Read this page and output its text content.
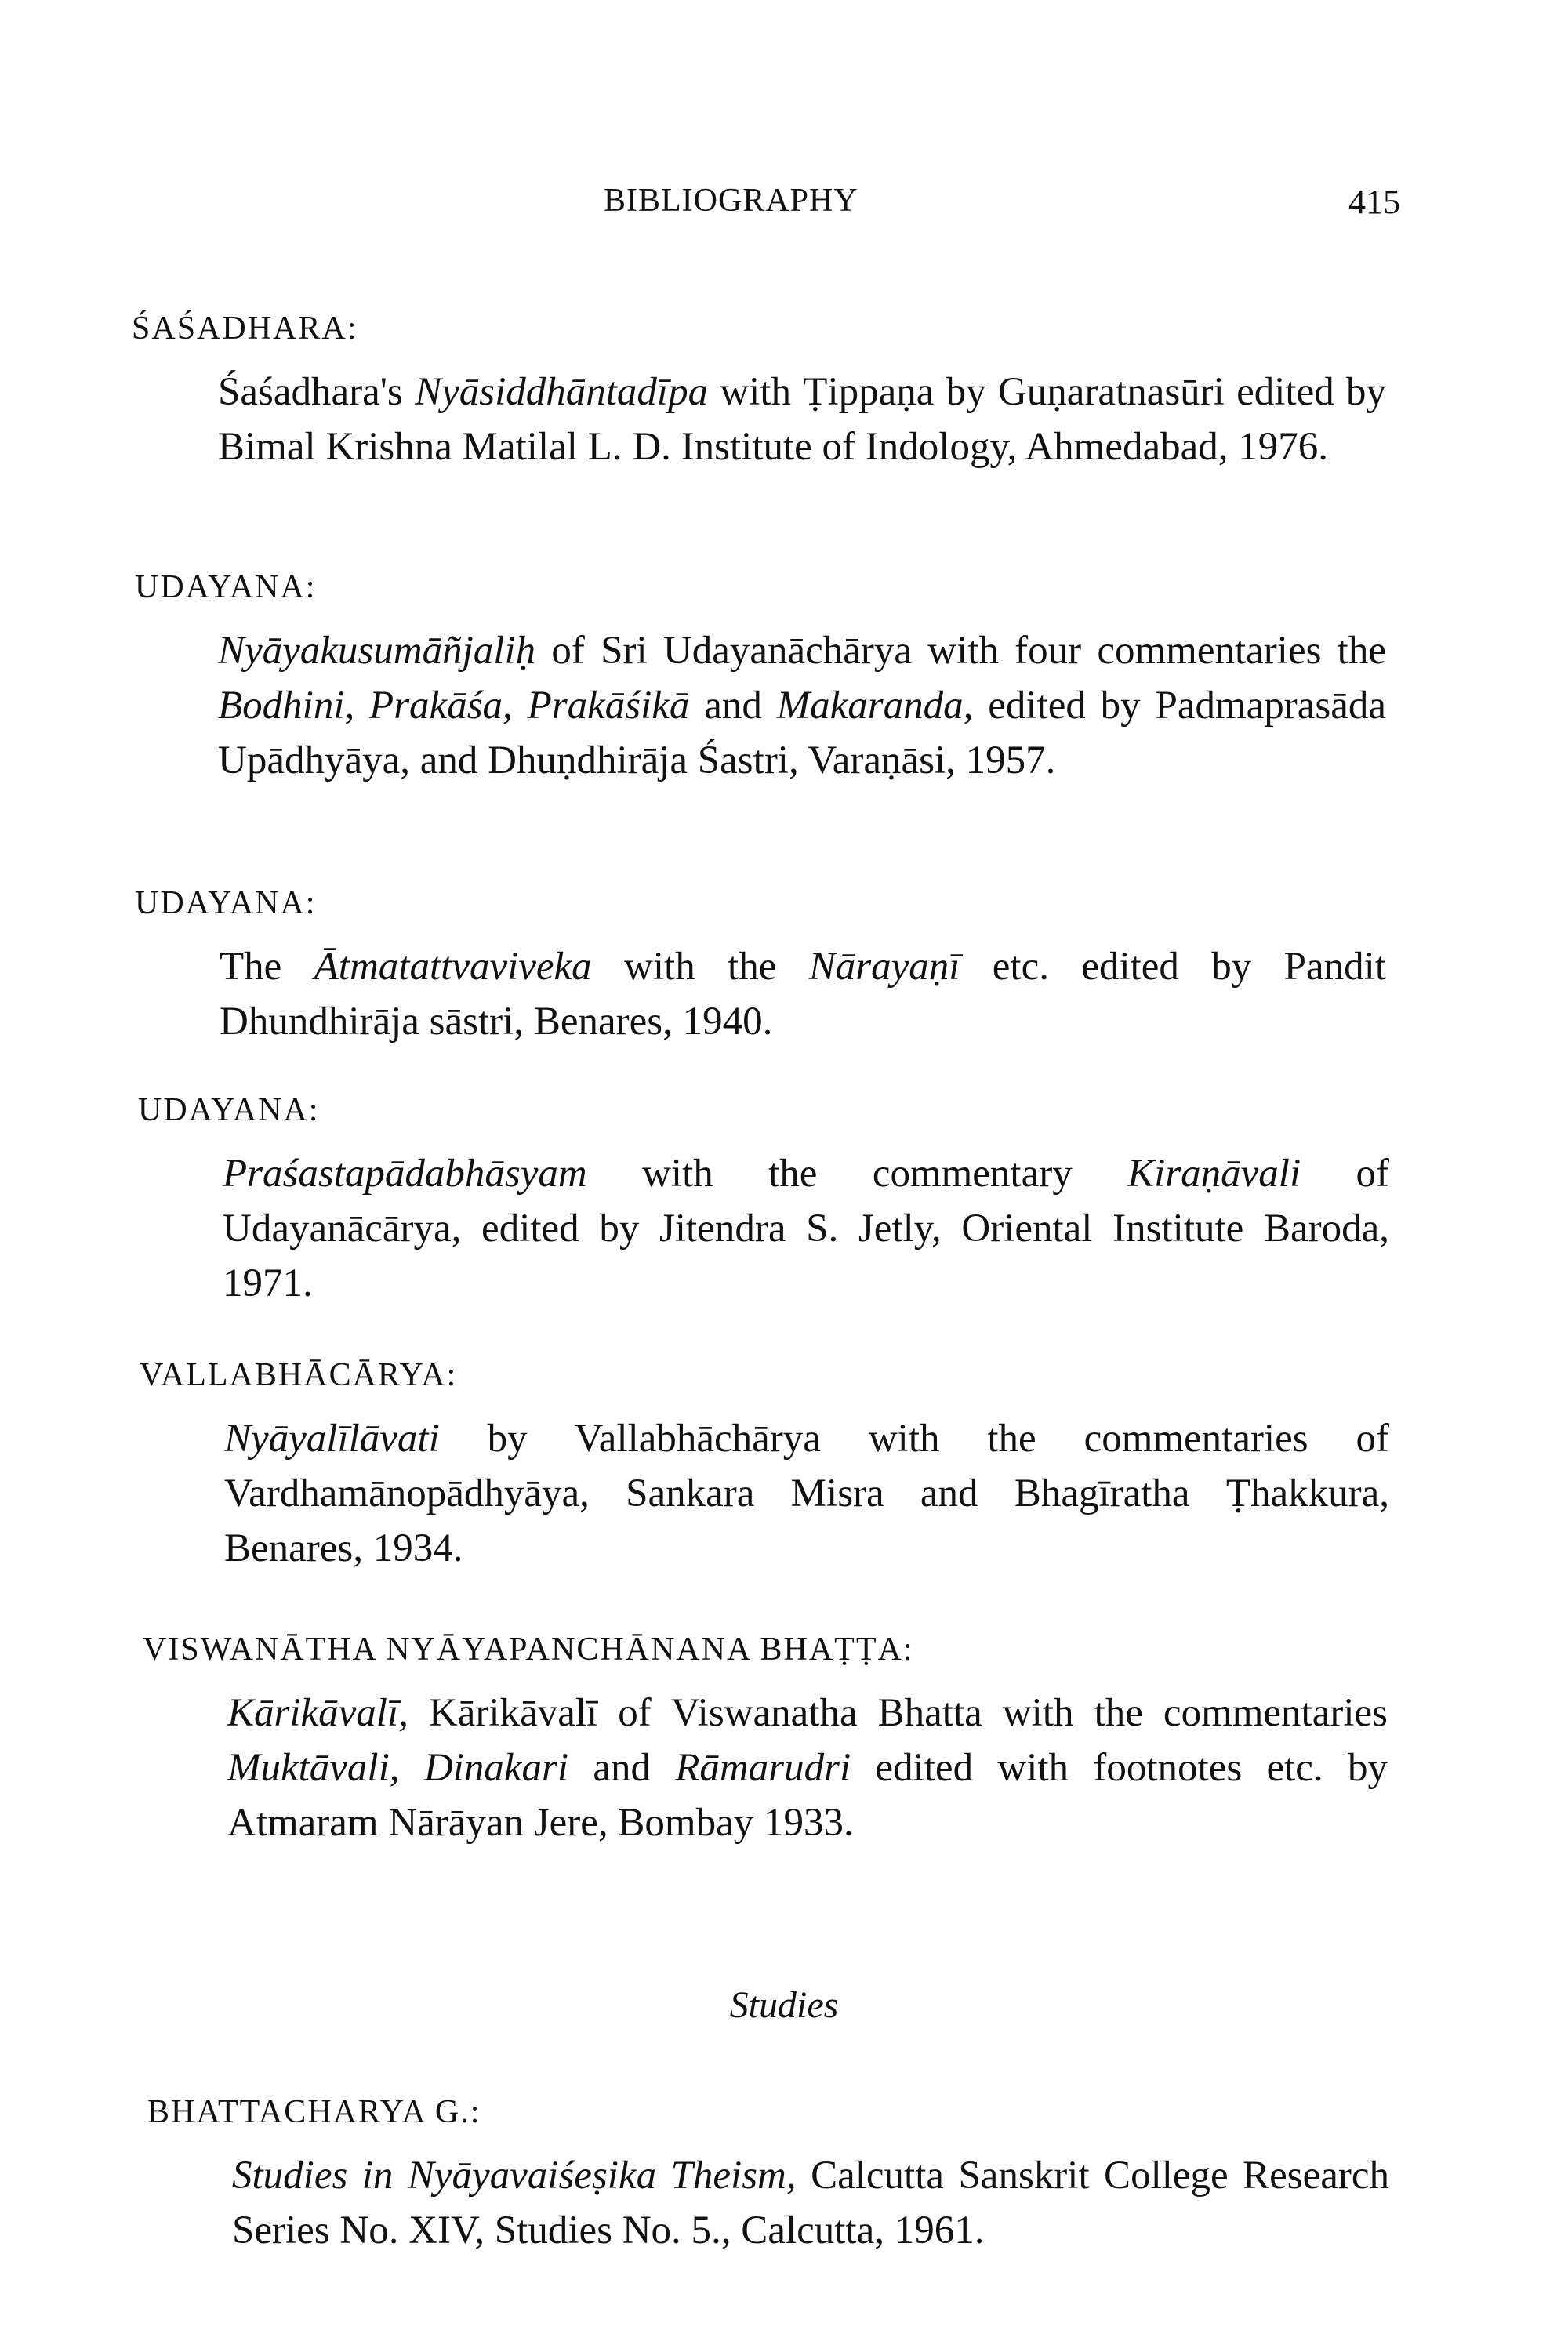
BIBLIOGRAPHY	415
ŚAŚADHARA:
Śaśadhara's Nyāsiddhāntadīpa with Ṭippaṇa by Guṇaratnasūri edited by Bimal Krishna Matilal L. D. Institute of Indology, Ahmedabad, 1976.
UDAYANA:
Nyāyakusumāñjaliḥ of Sri Udayanāchārya with four commentaries the Bodhini, Prakāśa, Prakāśikā and Makaranda, edited by Padmaprasāda Upādhyāya, and Dhuṇdhirāja Śastri, Varaṇāsi, 1957.
UDAYANA:
The Ātmatattvaviveka with the Nārayaṇī etc. edited by Pandit Dhundhirāja sāstri, Benares, 1940.
UDAYANA:
Praśastapādabhāsyam with the commentary Kiraṇāvali of Udayanācārya, edited by Jitendra S. Jetly, Oriental Institute Baroda, 1971.
VALLABHĀCĀRYA:
Nyāyalīlāvati by Vallabhāchārya with the commentaries of Vardhamānopādhyāya, Sankara Misra and Bhagīratha Ṭhakkura, Benares, 1934.
VISWANĀTHA NYĀYAPANCHĀNANA BHAṬṬA:
Kārikāvalī, Kārikāvalī of Viswanatha Bhatta with the commentaries Muktāvali, Dinakari and Rāmarudri edited with footnotes etc. by Atmaram Nārāyan Jere, Bombay 1933.
Studies
BHATTACHARYA G.:
Studies in Nyāyavaiśeṣika Theism, Calcutta Sanskrit College Research Series No. XIV, Studies No. 5., Calcutta, 1961.
